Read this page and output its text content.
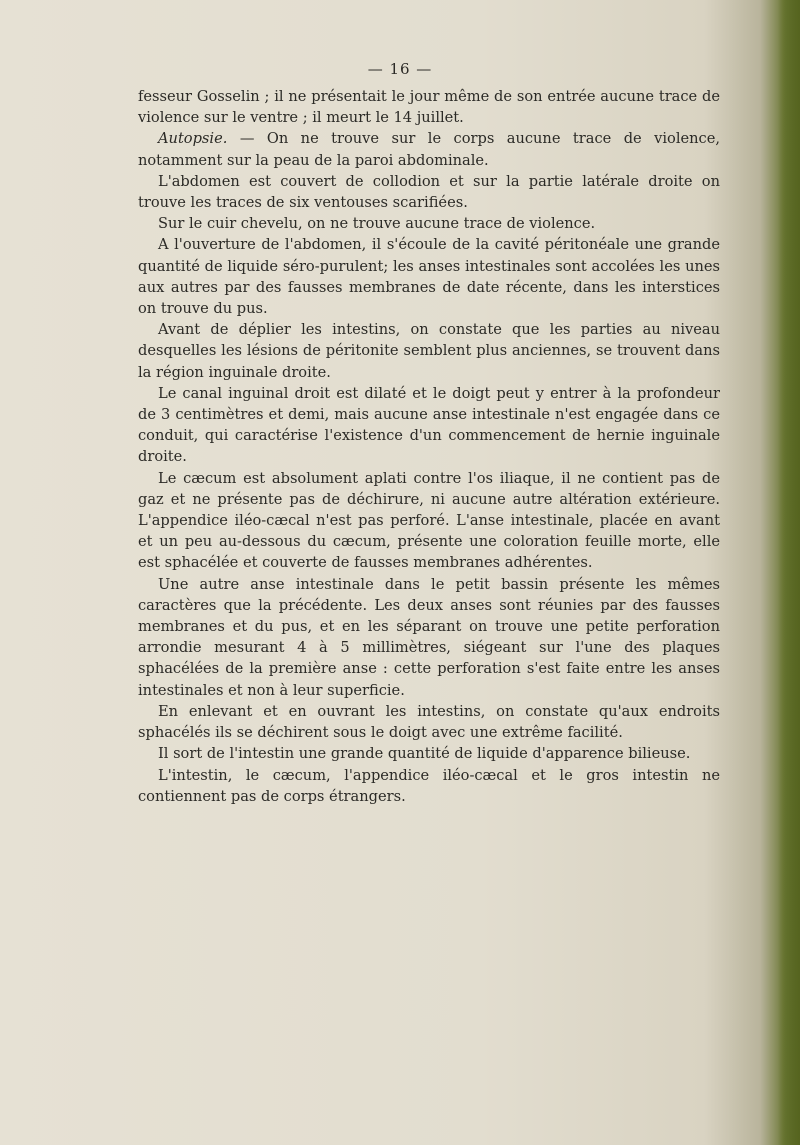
— 16 —

fesseur Gosselin ; il ne présentait le jour même de son entrée aucune trace de violence sur le ventre ; il meurt le 14 juillet.

Autopsie. — On ne trouve sur le corps aucune trace de violence, notamment sur la peau de la paroi abdominale.

L'abdomen est couvert de collodion et sur la partie latérale droite on trouve les traces de six ventouses scarifiées.

Sur le cuir chevelu, on ne trouve aucune trace de violence.

A l'ouverture de l'abdomen, il s'écoule de la cavité péritonéale une grande quantité de liquide séro-purulent; les anses intestinales sont accolées les unes aux autres par des fausses membranes de date récente, dans les interstices on trouve du pus.

Avant de déplier les intestins, on constate que les parties au niveau desquelles les lésions de péritonite semblent plus anciennes, se trouvent dans la région inguinale droite.

Le canal inguinal droit est dilaté et le doigt peut y entrer à la profondeur de 3 centimètres et demi, mais aucune anse intestinale n'est engagée dans ce conduit, qui caractérise l'existence d'un commencement de hernie inguinale droite.

Le cæcum est absolument aplati contre l'os iliaque, il ne contient pas de gaz et ne présente pas de déchirure, ni aucune autre altération extérieure. L'appendice iléo-cæcal n'est pas perforé. L'anse intestinale, placée en avant et un peu au-dessous du cæcum, présente une coloration feuille morte, elle est sphacélée et couverte de fausses membranes adhérentes.

Une autre anse intestinale dans le petit bassin présente les mêmes caractères que la précédente. Les deux anses sont réunies par des fausses membranes et du pus, et en les séparant on trouve une petite perforation arrondie mesurant 4 à 5 millimètres, siégeant sur l'une des plaques sphacélées de la première anse : cette perforation s'est faite entre les anses intestinales et non à leur superficie.

En enlevant et en ouvrant les intestins, on constate qu'aux endroits sphacélés ils se déchirent sous le doigt avec une extrême facilité.

Il sort de l'intestin une grande quantité de liquide d'apparence bilieuse.

L'intestin, le cæcum, l'appendice iléo-cæcal et le gros intestin ne contiennent pas de corps étrangers.
